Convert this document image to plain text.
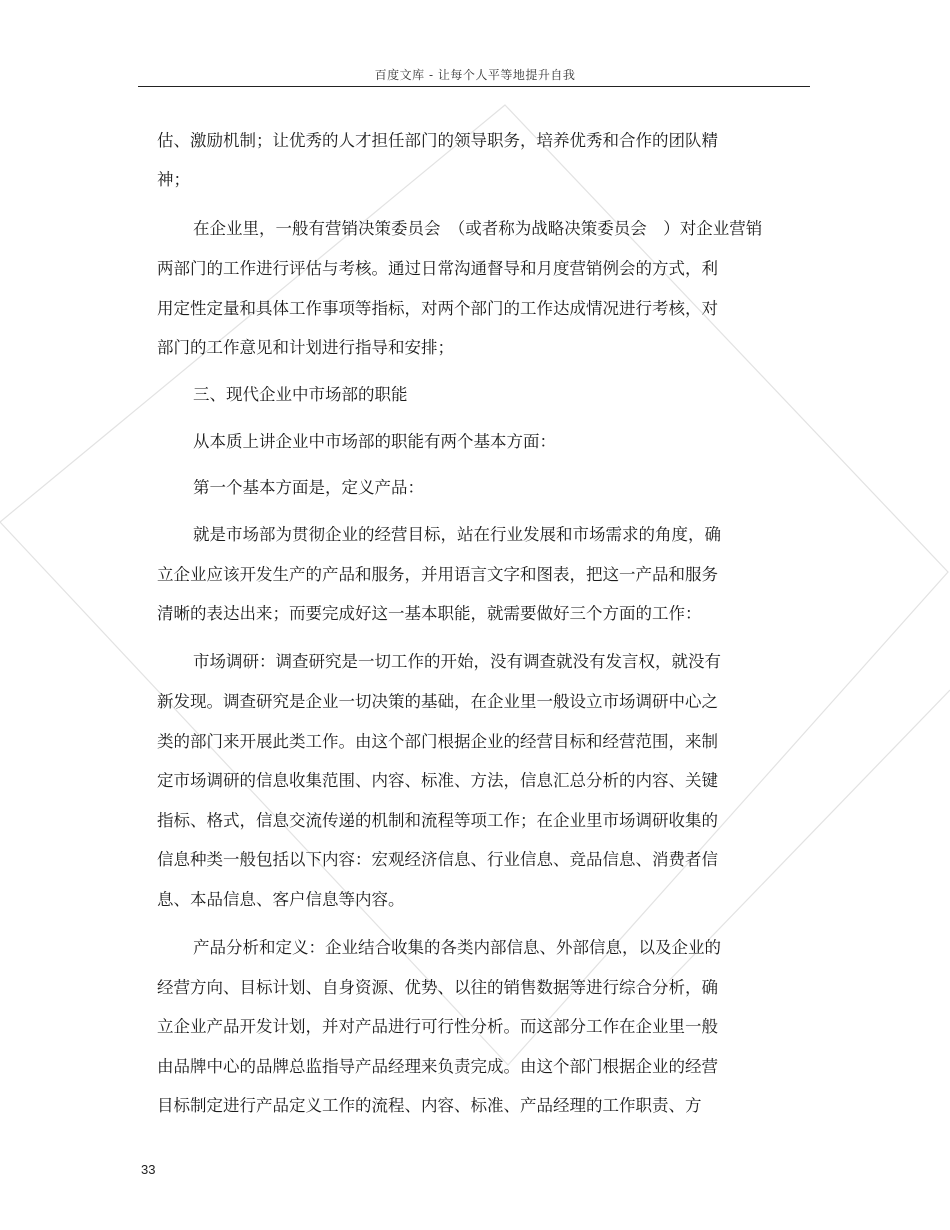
百度文库 - 让每个人平等地提升自我
估、激励机制；让优秀的人才担任部门的领导职务，培养优秀和合作的团队精
神；
在企业里，一般有营销决策委员会　（或者称为战略决策委员会　）对企业营销
两部门的工作进行评估与考核。通过日常沟通督导和月度营销例会的方式，利
用定性定量和具体工作事项等指标，对两个部门的工作达成情况进行考核，对
部门的工作意见和计划进行指导和安排；
三、现代企业中市场部的职能
从本质上讲企业中市场部的职能有两个基本方面：
第一个基本方面是，定义产品：
就是市场部为贯彻企业的经营目标，站在行业发展和市场需求的角度，确
立企业应该开发生产的产品和服务，并用语言文字和图表，把这一产品和服务
清晰的表达出来；而要完成好这一基本职能，就需要做好三个方面的工作：
市场调研：调查研究是一切工作的开始，没有调查就没有发言权，就没有
新发现。调查研究是企业一切决策的基础，在企业里一般设立市场调研中心之
类的部门来开展此类工作。由这个部门根据企业的经营目标和经营范围，来制
定市场调研的信息收集范围、内容、标准、方法，信息汇总分析的内容、关键
指标、格式，信息交流传递的机制和流程等项工作；在企业里市场调研收集的
信息种类一般包括以下内容：宏观经济信息、行业信息、竞品信息、消费者信
息、本品信息、客户信息等内容。
产品分析和定义：企业结合收集的各类内部信息、外部信息，以及企业的
经营方向、目标计划、自身资源、优势、以往的销售数据等进行综合分析，确
立企业产品开发计划，并对产品进行可行性分析。而这部分工作在企业里一般
由品牌中心的品牌总监指导产品经理来负责完成。由这个部门根据企业的经营
目标制定进行产品定义工作的流程、内容、标准、产品经理的工作职责、方
33
